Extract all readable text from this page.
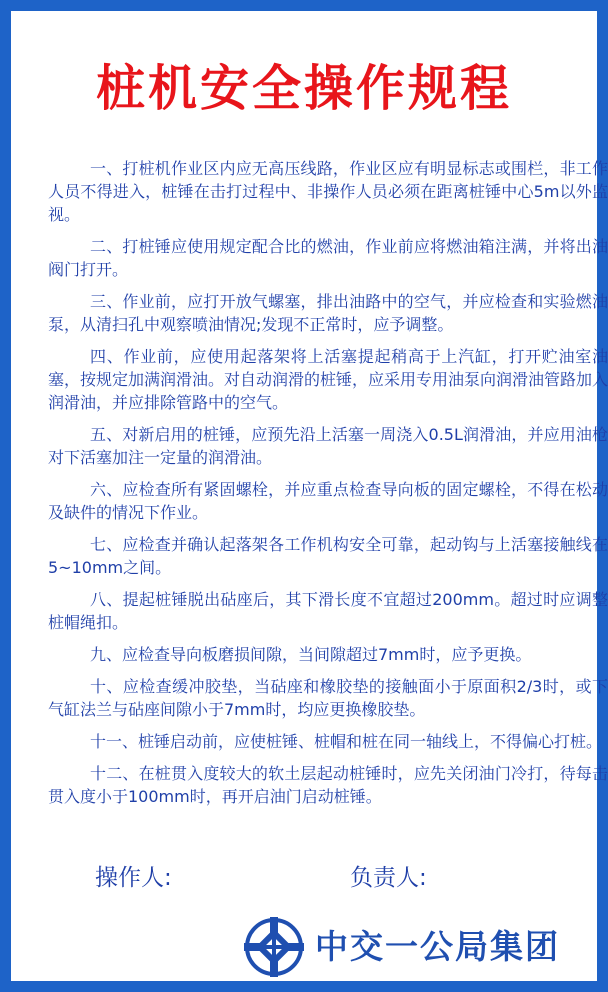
桩机安全操作规程
一、打桩机作业区内应无高压线路，作业区应有明显标志或围栏，非工作人员不得进入，桩锤在击打过程中、非操作人员必须在距离桩锤中心5m以外监视。
二、打桩锤应使用规定配合比的燃油，作业前应将燃油箱注满，并将出油阀门打开。
三、作业前，应打开放气螺塞，排出油路中的空气，并应检查和实验燃油泵，从清扫孔中观察喷油情况;发现不正常时，应予调整。
四、作业前，应使用起落架将上活塞提起稍高于上汽缸，打开贮油室油塞，按规定加满润滑油。对自动润滑的桩锤，应采用专用油泵向润滑油管路加入润滑油，并应排除管路中的空气。
五、对新启用的桩锤，应预先沿上活塞一周浇入0.5L润滑油，并应用油枪对下活塞加注一定量的润滑油。
六、应检查所有紧固螺栓，并应重点检查导向板的固定螺栓，不得在松动及缺件的情况下作业。
七、应检查并确认起落架各工作机构安全可靠，起动钩与上活塞接触线在5~10mm之间。
八、提起桩锤脱出砧座后，其下滑长度不宜超过200mm。超过时应调整桩帽绳扣。
九、应检查导向板磨损间隙，当间隙超过7mm时，应予更换。
十、应检查缓冲胶垫，当砧座和橡胶垫的接触面小于原面积2/3时，或下气缸法兰与砧座间隙小于7mm时，均应更换橡胶垫。
十一、桩锤启动前，应使桩锤、桩帽和桩在同一轴线上，不得偏心打桩。
十二、在桩贯入度较大的软土层起动桩锤时，应先关闭油门冷打，待每击贯入度小于100mm时，再开启油门启动桩锤。
操作人:	负责人:
中交一公局集团
